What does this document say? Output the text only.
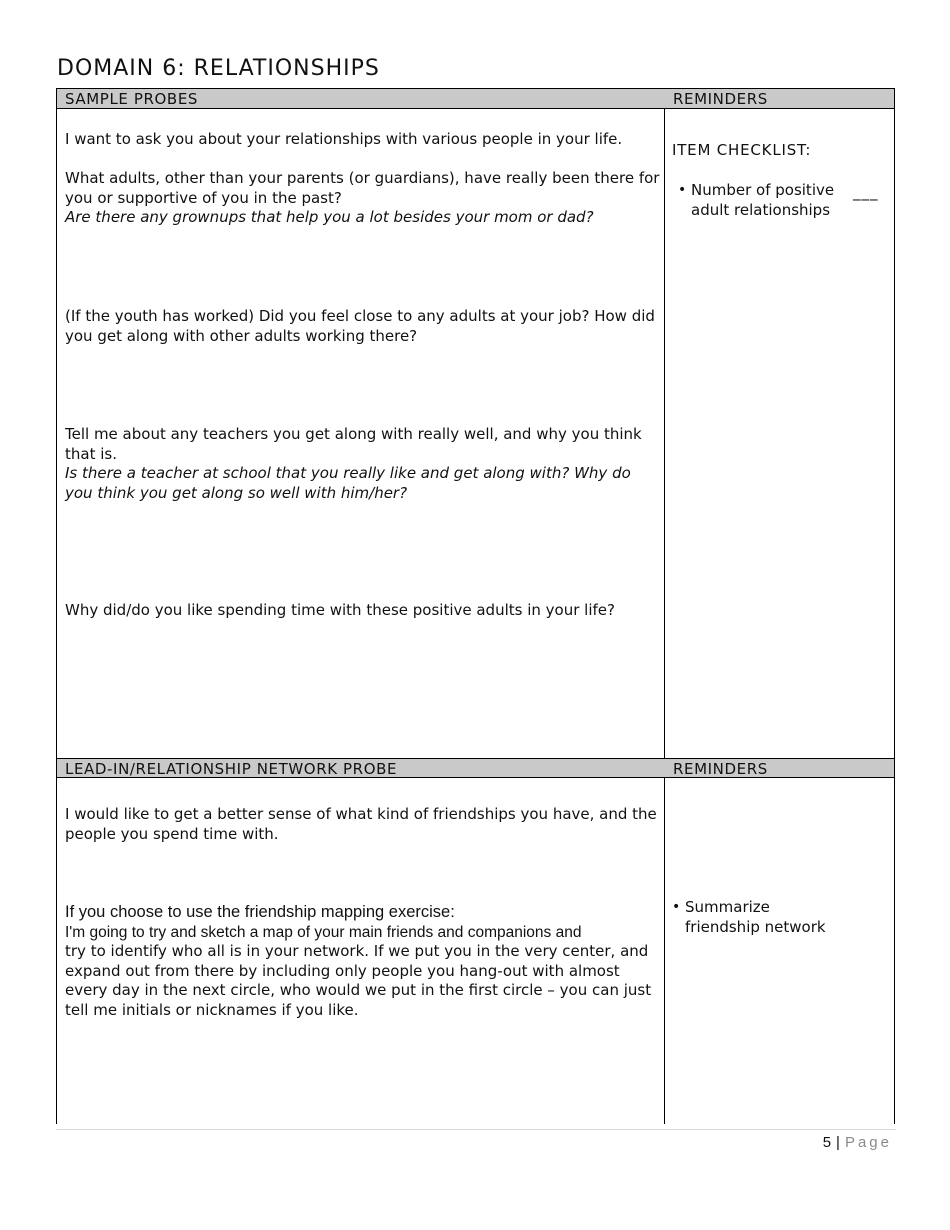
DOMAIN 6: RELATIONSHIPS
SAMPLE PROBES	REMINDERS
I want to ask you about your relationships with various people in your life.
What adults, other than your parents (or guardians), have really been there for you or supportive of you in the past?
Are there any grownups that help you a lot besides your mom or dad?
(If the youth has worked) Did you feel close to any adults at your job? How did you get along with other adults working there?
Tell me about any teachers you get along with really well, and why you think that is.
Is there a teacher at school that you really like and get along with? Why do you think you get along so well with him/her?
Why did/do you like spending time with these positive adults in your life?
ITEM CHECKLIST:
• Number of positive adult relationships
___
LEAD-IN/RELATIONSHIP NETWORK PROBE	REMINDERS
I would like to get a better sense of what kind of friendships you have, and the people you spend time with.
If you choose to use the friendship mapping exercise:
I'm going to try and sketch a map of your main friends and companions and
try to identify who all is in your network. If we put you in the very center, and expand out from there by including only people you hang-out with almost every day in the next circle, who would we put in the first circle – you can just tell me initials or nicknames if you like.
• Summarize friendship network
5 | Page
